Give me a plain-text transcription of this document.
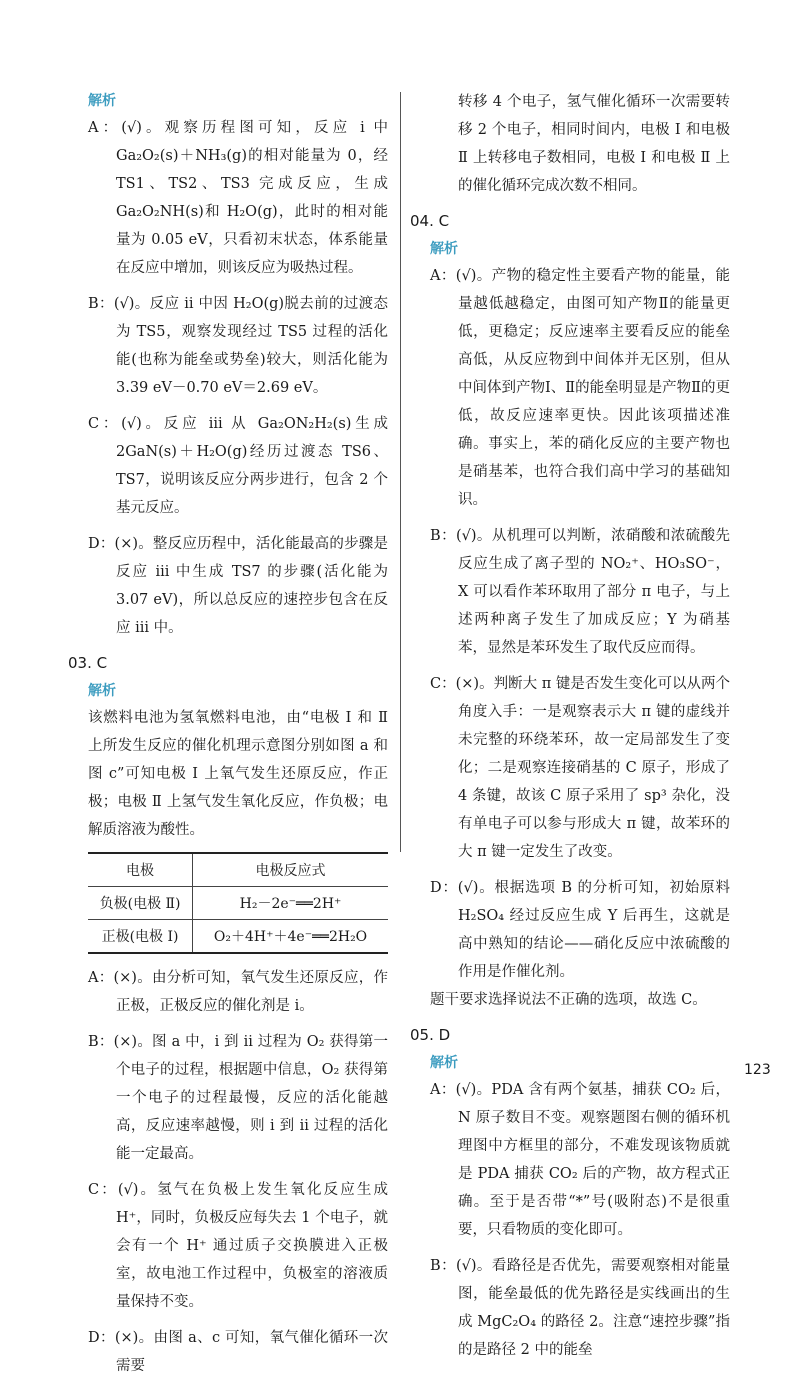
解析

A：(√)。观察历程图可知，反应 i 中 Ga₂O₂(s)＋NH₃(g)的相对能量为 0，经 TS1、TS2、TS3 完成反应，生成 Ga₂O₂NH(s)和 H₂O(g)，此时的相对能量为 0.05 eV，只看初末状态，体系能量在反应中增加，则该反应为吸热过程。

B：(√)。反应 ii 中因 H₂O(g)脱去前的过渡态为 TS5，观察发现经过 TS5 过程的活化能(也称为能垒或势垒)较大，则活化能为 3.39 eV－0.70 eV＝2.69 eV。

C：(√)。反应 iii 从 Ga₂ON₂H₂(s)生成 2GaN(s)＋H₂O(g)经历过渡态 TS6、TS7，说明该反应分两步进行，包含 2 个基元反应。

D：(×)。整反应历程中，活化能最高的步骤是反应 iii 中生成 TS7 的步骤(活化能为 3.07 eV)，所以总反应的速控步包含在反应 iii 中。

03. C

解析

该燃料电池为氢氧燃料电池，由“电极 Ⅰ 和 Ⅱ 上所发生反应的催化机理示意图分别如图 a 和图 c”可知电极 Ⅰ 上氧气发生还原反应，作正极；电极 Ⅱ 上氢气发生氧化反应，作负极；电解质溶液为酸性。

电极	电极反应式
负极(电极 Ⅱ)	H₂－2e⁻══2H⁺
正极(电极 Ⅰ)	O₂＋4H⁺＋4e⁻══2H₂O

A：(×)。由分析可知，氧气发生还原反应，作正极，正极反应的催化剂是 i。

B：(×)。图 a 中，i 到 ii 过程为 O₂ 获得第一个电子的过程，根据题中信息，O₂ 获得第一个电子的过程最慢，反应的活化能越高，反应速率越慢，则 i 到 ii 过程的活化能一定最高。

C：(√)。氢气在负极上发生氧化反应生成 H⁺，同时，负极反应每失去 1 个电子，就会有一个 H⁺ 通过质子交换膜进入正极室，故电池工作过程中，负极室的溶液质量保持不变。

D：(×)。由图 a、c 可知，氧气催化循环一次需要

转移 4 个电子，氢气催化循环一次需要转移 2 个电子，相同时间内，电极 Ⅰ 和电极 Ⅱ 上转移电子数相同，电极 Ⅰ 和电极 Ⅱ 上的催化循环完成次数不相同。

04. C

解析

A：(√)。产物的稳定性主要看产物的能量，能量越低越稳定，由图可知产物Ⅱ的能量更低，更稳定；反应速率主要看反应的能垒高低，从反应物到中间体并无区别，但从中间体到产物Ⅰ、Ⅱ的能垒明显是产物Ⅱ的更低，故反应速率更快。因此该项描述准确。事实上，苯的硝化反应的主要产物也是硝基苯，也符合我们高中学习的基础知识。

B：(√)。从机理可以判断，浓硝酸和浓硫酸先反应生成了离子型的 NO₂⁺、HO₃SO⁻，X 可以看作苯环取用了部分 π 电子，与上述两种离子发生了加成反应；Y 为硝基苯，显然是苯环发生了取代反应而得。

C：(×)。判断大 π 键是否发生变化可以从两个角度入手：一是观察表示大 π 键的虚线并未完整的环绕苯环，故一定局部发生了变化；二是观察连接硝基的 C 原子，形成了 4 条键，故该 C 原子采用了 sp³ 杂化，没有单电子可以参与形成大 π 键，故苯环的大 π 键一定发生了改变。

D：(√)。根据选项 B 的分析可知，初始原料 H₂SO₄ 经过反应生成 Y 后再生，这就是高中熟知的结论——硝化反应中浓硫酸的作用是作催化剂。

题干要求选择说法不正确的选项，故选 C。

05. D

解析

A：(√)。PDA 含有两个氨基，捕获 CO₂ 后，N 原子数目不变。观察题图右侧的循环机理图中方框里的部分，不难发现该物质就是 PDA 捕获 CO₂ 后的产物，故方程式正确。至于是否带“*”号(吸附态)不是很重要，只看物质的变化即可。

B：(√)。看路径是否优先，需要观察相对能量图，能垒最低的优先路径是实线画出的生成 MgC₂O₄ 的路径 2。注意“速控步骤”指的是路径 2 中的能垒

123
